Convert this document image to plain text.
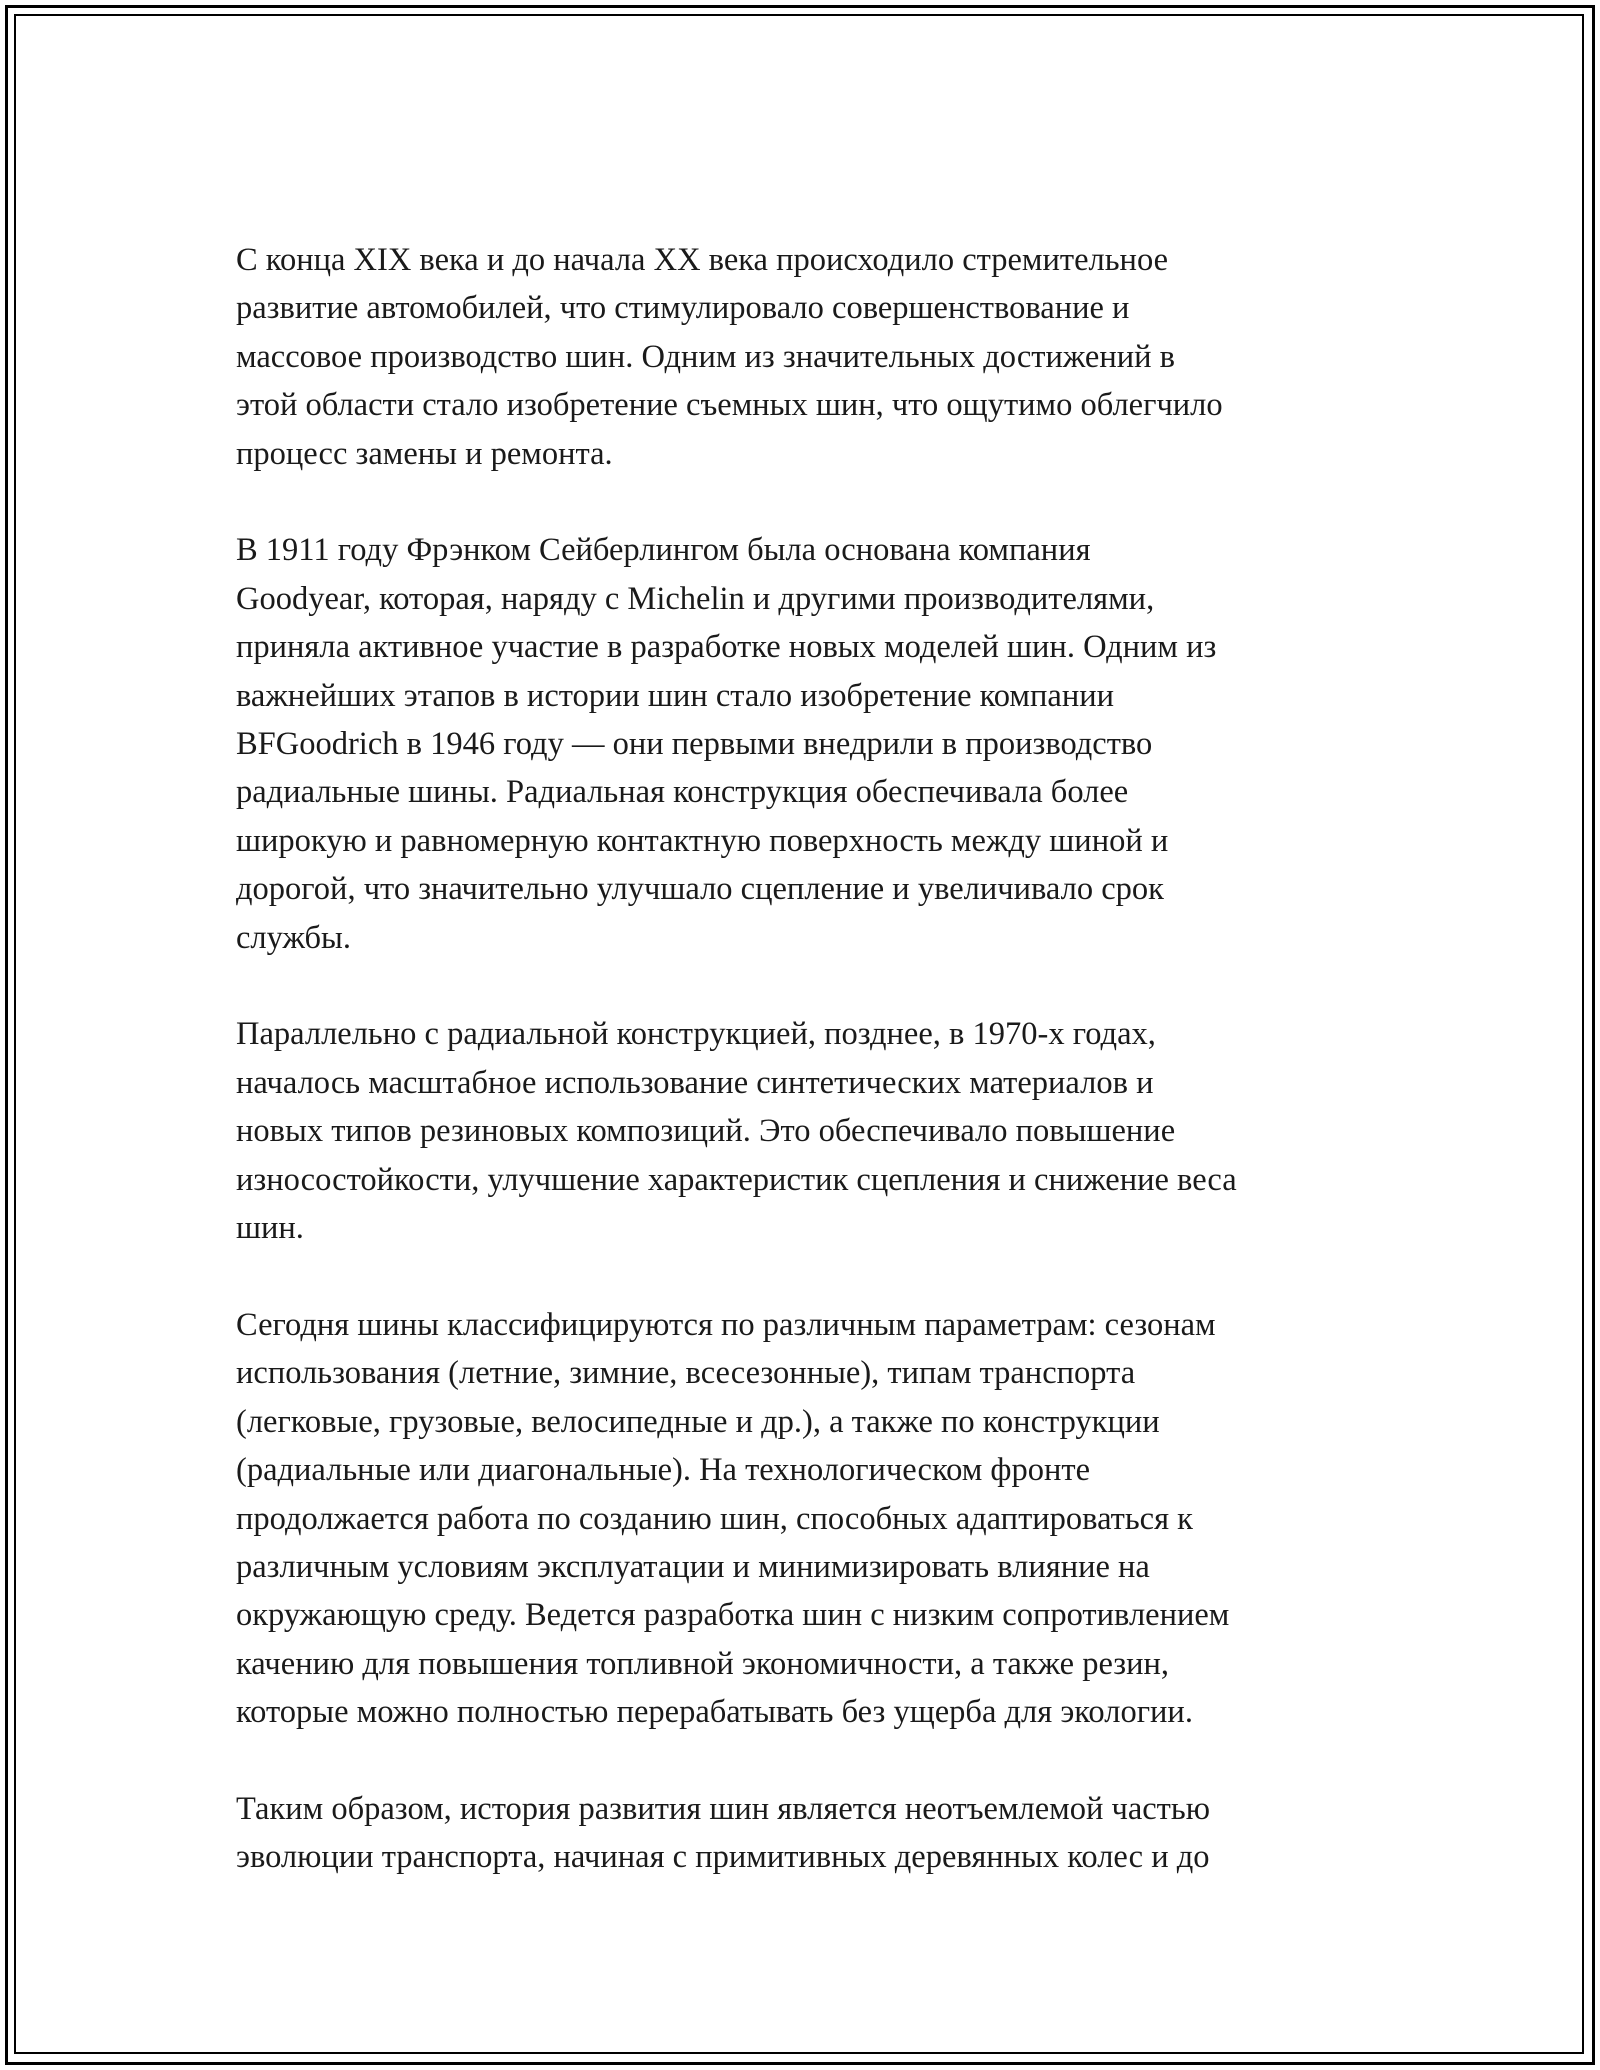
С конца XIX века и до начала XX века происходило стремительное
развитие автомобилей, что стимулировало совершенствование и
массовое производство шин. Одним из значительных достижений в
этой области стало изобретение съемных шин, что ощутимо облегчило
процесс замены и ремонта.

В 1911 году Фрэнком Сейберлингом была основана компания
Goodyear, которая, наряду с Michelin и другими производителями,
приняла активное участие в разработке новых моделей шин. Одним из
важнейших этапов в истории шин стало изобретение компании
BFGoodrich в 1946 году — они первыми внедрили в производство
радиальные шины. Радиальная конструкция обеспечивала более
широкую и равномерную контактную поверхность между шиной и
дорогой, что значительно улучшало сцепление и увеличивало срок
службы.

Параллельно с радиальной конструкцией, позднее, в 1970-х годах,
началось масштабное использование синтетических материалов и
новых типов резиновых композиций. Это обеспечивало повышение
износостойкости, улучшение характеристик сцепления и снижение веса
шин.

Сегодня шины классифицируются по различным параметрам: сезонам
использования (летние, зимние, всесезонные), типам транспорта
(легковые, грузовые, велосипедные и др.), а также по конструкции
(радиальные или диагональные). На технологическом фронте
продолжается работа по созданию шин, способных адаптироваться к
различным условиям эксплуатации и минимизировать влияние на
окружающую среду. Ведется разработка шин с низким сопротивлением
качению для повышения топливной экономичности, а также резин,
которые можно полностью перерабатывать без ущерба для экологии.

Таким образом, история развития шин является неотъемлемой частью
эволюции транспорта, начиная с примитивных деревянных колес и до
